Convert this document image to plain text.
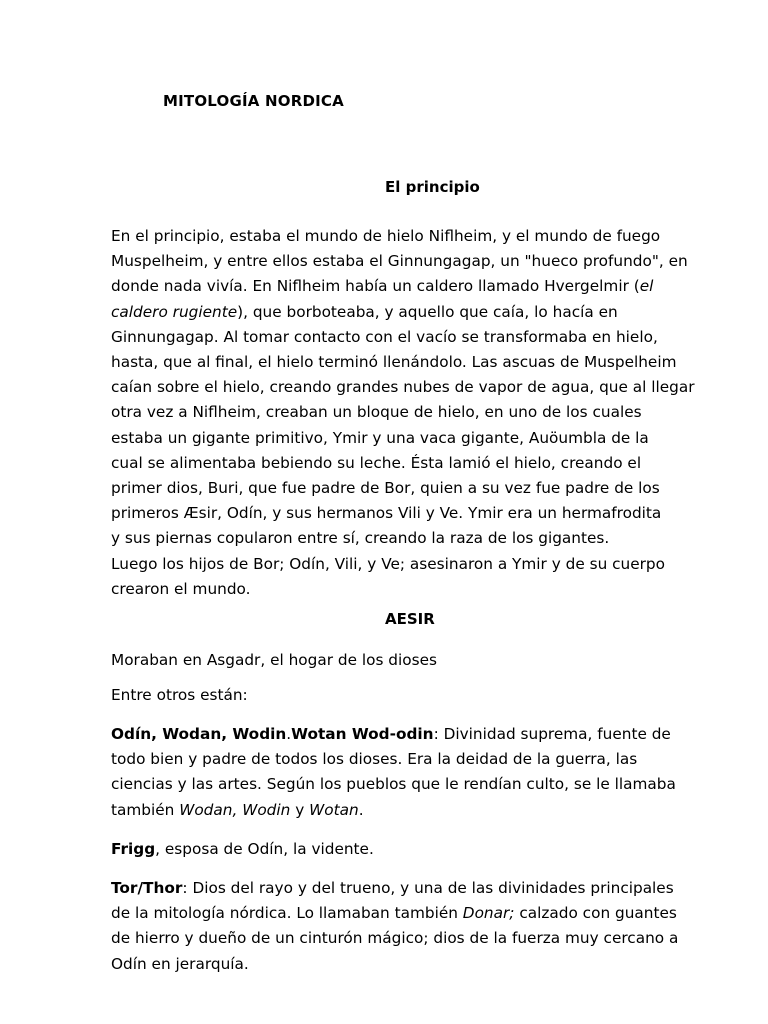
MITOLOGÍA NORDICA
El principio

En el principio, estaba el mundo de hielo Niflheim, y el mundo de fuego
Muspelheim, y entre ellos estaba el Ginnungagap, un "hueco profundo", en
donde nada vivía. En Niflheim había un caldero llamado Hvergelmir (el
caldero rugiente), que borboteaba, y aquello que caía, lo hacía en
Ginnungagap. Al tomar contacto con el vacío se transformaba en hielo,
hasta, que al final, el hielo terminó llenándolo. Las ascuas de Muspelheim
caían sobre el hielo, creando grandes nubes de vapor de agua, que al llegar
otra vez a Niflheim, creaban un bloque de hielo, en uno de los cuales
estaba un gigante primitivo, Ymir y una vaca gigante, Auöumbla de la
cual se alimentaba bebiendo su leche. Ésta lamió el hielo, creando el
primer dios, Buri, que fue padre de Bor, quien a su vez fue padre de los
primeros Æsir, Odín, y sus hermanos Vili y Ve. Ymir era un hermafrodita
y sus piernas copularon entre sí, creando la raza de los gigantes.
Luego los hijos de Bor; Odín, Vili, y Ve; asesinaron a Ymir y de su cuerpo
crearon el mundo.

AESIR

Moraban en Asgadr, el hogar de los dioses

Entre otros están:

Odín, Wodan, Wodin.Wotan Wod-odin: Divinidad suprema, fuente de
todo bien y padre de todos los dioses. Era la deidad de la guerra, las
ciencias y las artes. Según los pueblos que le rendían culto, se le llamaba
también Wodan, Wodin y Wotan.

Frigg, esposa de Odín, la vidente.

Tor/Thor: Dios del rayo y del trueno, y una de las divinidades principales
de la mitología nórdica. Lo llamaban también Donar; calzado con guantes
de hierro y dueño de un cinturón mágico; dios de la fuerza muy cercano a
Odín en jerarquía.
